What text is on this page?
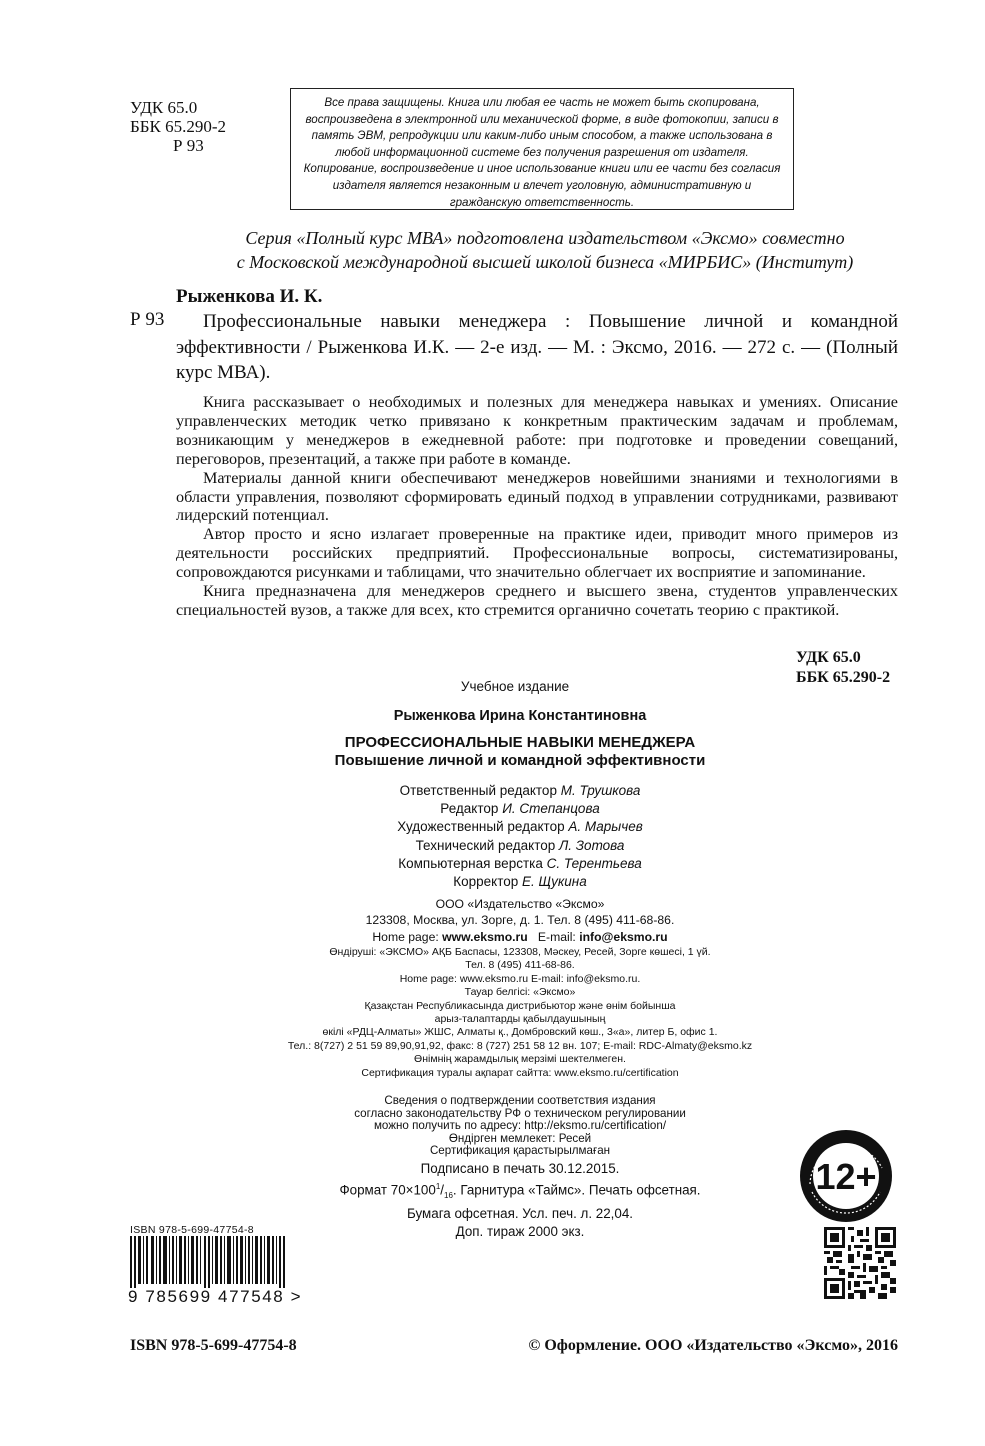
УДК 65.0
ББК 65.290-2
Р 93
Все права защищены. Книга или любая ее часть не может быть скопирована, воспроизведена в электронной или механической форме, в виде фотокопии, записи в память ЭВМ, репродукции или каким-либо иным способом, а также использована в любой информационной системе без получения разрешения от издателя. Копирование, воспроизведение и иное использование книги или ее части без согласия издателя является незаконным и влечет уголовную, административную и гражданскую ответственность.
Серия «Полный курс МВА» подготовлена издательством «Эксмо» совместно
с Московской международной высшей школой бизнеса «МИРБИС» (Институт)
Рыженкова И. К.
Р 93	Профессиональные навыки менеджера : Повышение личной и командной эффективности / Рыженкова И.К. — 2-е изд. — М. : Эксмо, 2016. — 272 с. — (Полный курс МВА).

Книга рассказывает о необходимых и полезных для менеджера навыках и умениях. Описание управленческих методик четко привязано к конкретным практическим задачам и проблемам, возникающим у менеджеров в ежедневной работе: при подготовке и проведении совещаний, переговоров, презентаций, а также при работе в команде.

Материалы данной книги обеспечивают менеджеров новейшими знаниями и технологиями в области управления, позволяют сформировать единый подход в управлении сотрудниками, развивают лидерский потенциал.

Автор просто и ясно излагает проверенные на практике идеи, приводит много примеров из деятельности российских предприятий. Профессиональные вопросы, систематизированы, сопровождаются рисунками и таблицами, что значительно облегчает их восприятие и запоминание.

Книга предназначена для менеджеров среднего и высшего звена, студентов управленческих специальностей вузов, а также для всех, кто стремится органично сочетать теорию с практикой.

УДК 65.0
ББК 65.290-2
Учебное издание
Рыженкова Ирина Константиновна
ПРОФЕССИОНАЛЬНЫЕ НАВЫКИ МЕНЕДЖЕРА
Повышение личной и командной эффективности
Ответственный редактор М. Трушкова
Редактор И. Степанцова
Художественный редактор А. Марычев
Технический редактор Л. Зотова
Компьютерная верстка С. Терентьева
Корректор Е. Щукина
ООО «Издательство «Эксмо»
123308, Москва, ул. Зорге, д. 1. Тел. 8 (495) 411-68-86.
Home page: www.eksmo.ru E-mail: info@eksmo.ru
Өндіруші: «ЭКСМО» АҚБ Баспасы, 123308, Мәскеу, Ресей, Зорге көшесі, 1 үй.
Тел. 8 (495) 411-68-86.
Home page: www.eksmo.ru E-mail: info@eksmo.ru.
Тауар белгісі: «Эксмо»
Қазақстан Республикасында дистрибьютор және өнім бойынша
арыз-талаптарды қабылдаушының
өкілі «РДЦ-Алматы» ЖШС, Алматы қ., Домбровский көш., 3«а», литер Б, офис 1.
Тел.: 8(727) 2 51 59 89,90,91,92, факс: 8 (727) 251 58 12 вн. 107; E-mail: RDC-Almaty@eksmo.kz
Өнімнің жарамдылық мерзімі шектелмеген.
Сертификация туралы ақпарат сайтта: www.eksmo.ru/certification
Сведения о подтверждении соответствия издания
согласно законодательству РФ о техническом регулировании
можно получить по адресу: http://eksmo.ru/certification/
Өндірген мемлекет: Ресей
Сертификация қарастырылмаған
Подписано в печать 30.12.2015.
Формат $70\times 100^1/_{16}$. Гарнитура «Таймс». Печать офсетная.
Бумага офсетная. Усл. печ. л. 22,04.
Доп. тираж 2000 экз.
ISBN 978-5-699-47754-8
9 785699 477548 >
12+
ISBN 978-5-699-47754-8	© Оформление. ООО «Издательство «Эксмо», 2016
